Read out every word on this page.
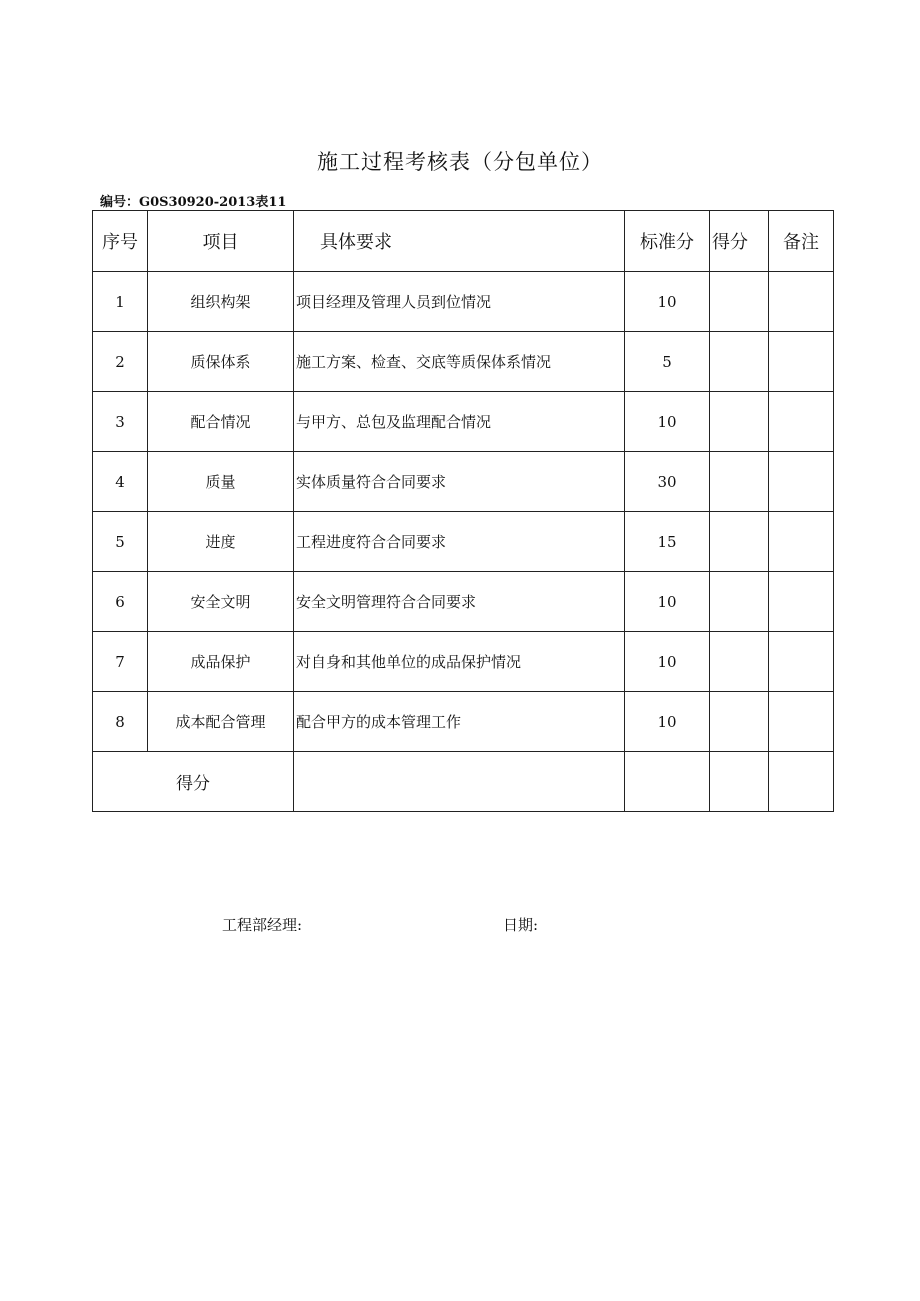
施工过程考核表（分包单位）
编号：G0S30920-2013表11
序号	项目	具体要求	标准分	得分	备注
1	组织构架	项目经理及管理人员到位情况	10		
2	质保体系	施工方案、检查、交底等质保体系情况	5		
3	配合情况	与甲方、总包及监理配合情况	10		
4	质量	实体质量符合合同要求	30		
5	进度	工程进度符合合同要求	15		
6	安全文明	安全文明管理符合合同要求	10		
7	成品保护	对自身和其他单位的成品保护情况	10		
8	成本配合管理	配合甲方的成本管理工作	10		
得分					
工程部经理:	日期:
